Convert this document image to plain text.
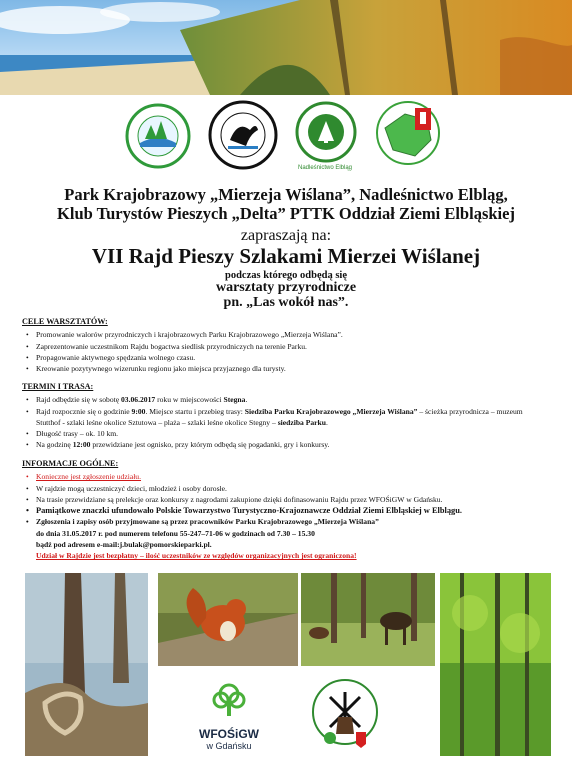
Nadleśnictwo Elbląg
Park Krajobrazowy „Mierzeja Wiślana”, Nadleśnictwo Elbląg,
Klub Turystów Pieszych „Delta” PTTK Oddział Ziemi Elbląskiej
zapraszają na:
VII Rajd Pieszy Szlakami Mierzei Wiślanej
podczas którego odbędą się
warsztaty przyrodnicze
pn. „Las wokół nas”.
CELE WARSZTATÓW:
• Promowanie walorów przyrodniczych i krajobrazowych Parku Krajobrazowego „Mierzeja Wiślana”.
• Zaprezentowanie uczestnikom Rajdu bogactwa siedlisk przyrodniczych na terenie Parku.
• Propagowanie aktywnego spędzania wolnego czasu.
• Kreowanie pozytywnego wizerunku regionu jako miejsca przyjaznego dla turysty.
TERMIN I TRASA:
• Rajd odbędzie się w sobotę 03.06.2017 roku w miejscowości Stegna.
• Rajd rozpocznie się o godzinie 9:00. Miejsce startu i przebieg trasy: Siedziba Parku Krajobrazowego „Mierzeja Wiślana” – ścieżka przyrodnicza – muzeum Stutthof - szlaki leśne okolice Sztutowa – plaża – szlaki leśne okolice Stegny – siedziba Parku.
• Długość trasy – ok. 10 km.
• Na godzinę 12:00 przewidziane jest ognisko, przy którym odbędą się pogadanki, gry i konkursy.
INFORMACJE OGÓLNE:
• Konieczne jest zgłoszenie udziału.
• W rajdzie mogą uczestniczyć dzieci, młodzież i osoby dorosłe.
• Na trasie przewidziane są prelekcje oraz konkursy z nagrodami zakupione dzięki dofinasowaniu Rajdu przez WFOŚiGW w Gdańsku.
• Pamiątkowe znaczki ufundowało Polskie Towarzystwo Turystyczno-Krajoznawcze Oddział Ziemi Elbląskiej w Elblągu.
• Zgłoszenia i zapisy osób przyjmowane są przez pracowników Parku Krajobrazowego „Mierzeja Wiślana”
do dnia 31.05.2017 r. pod numerem telefonu 55-247–71-06 w godzinach od 7.30 – 15.30
bądź pod adresem e-mail:j.bulak@pomorskieparki.pl.
Udział w Rajdzie jest bezpłatny – ilość uczestników ze względów organizacyjnych jest ograniczona!
WFOŚiGW
w Gdańsku
